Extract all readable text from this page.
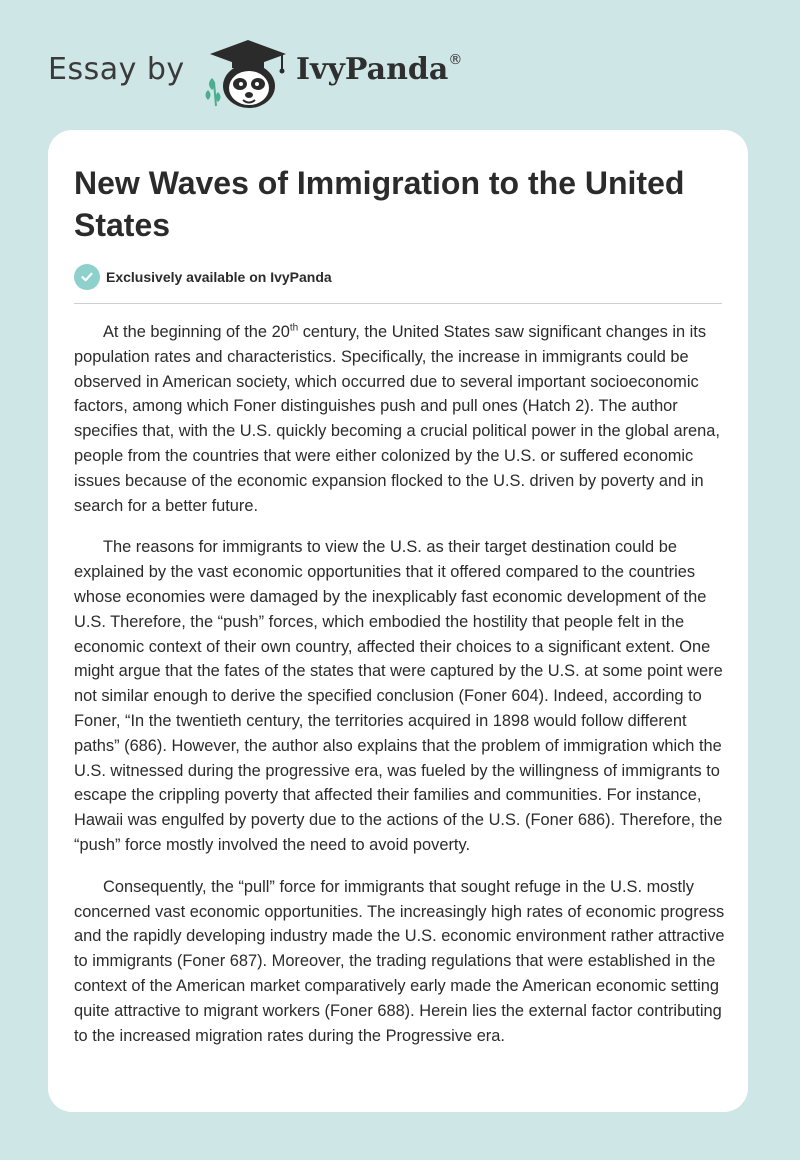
Essay by	IvyPanda®
New Waves of Immigration to the United States
Exclusively available on IvyPanda

At the beginning of the 20th century, the United States saw significant changes in its population rates and characteristics. Specifically, the increase in immigrants could be observed in American society, which occurred due to several important socioeconomic factors, among which Foner distinguishes push and pull ones (Hatch 2). The author specifies that, with the U.S. quickly becoming a crucial political power in the global arena, people from the countries that were either colonized by the U.S. or suffered economic issues because of the economic expansion flocked to the U.S. driven by poverty and in search for a better future.

The reasons for immigrants to view the U.S. as their target destination could be explained by the vast economic opportunities that it offered compared to the countries whose economies were damaged by the inexplicably fast economic development of the U.S. Therefore, the “push” forces, which embodied the hostility that people felt in the economic context of their own country, affected their choices to a significant extent. One might argue that the fates of the states that were captured by the U.S. at some point were not similar enough to derive the specified conclusion (Foner 604). Indeed, according to Foner, “In the twentieth century, the territories acquired in 1898 would follow different paths” (686). However, the author also explains that the problem of immigration which the U.S. witnessed during the progressive era, was fueled by the willingness of immigrants to escape the crippling poverty that affected their families and communities. For instance, Hawaii was engulfed by poverty due to the actions of the U.S. (Foner 686). Therefore, the “push” force mostly involved the need to avoid poverty.

Consequently, the “pull” force for immigrants that sought refuge in the U.S. mostly concerned vast economic opportunities. The increasingly high rates of economic progress and the rapidly developing industry made the U.S. economic environment rather attractive to immigrants (Foner 687). Moreover, the trading regulations that were established in the context of the American market comparatively early made the American economic setting quite attractive to migrant workers (Foner 688). Herein lies the external factor contributing to the increased migration rates during the Progressive era.
